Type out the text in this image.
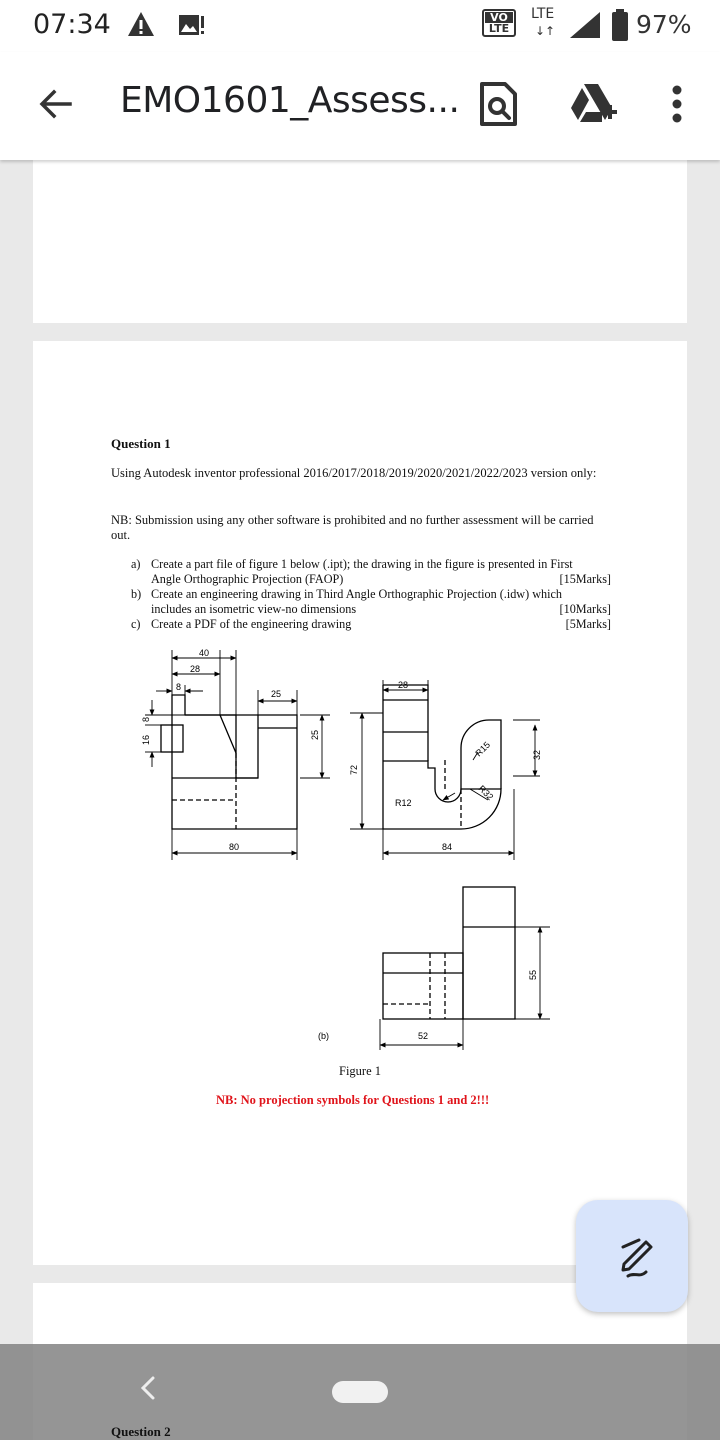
07:34	VO
LTE
LTE
↓↑	97%
EMO1601_Assess...
Question 1
Using Autodesk inventor professional 2016/2017/2018/2019/2020/2021/2022/2023 version only:
NB: Submission using any other software is prohibited and no further assessment will be carried out.
a) Create a part file of figure 1 below (.ipt); the drawing in the figure is presented in First
[15Marks]
Angle Orthographic Projection (FAOP)
b) Create an engineering drawing in Third Angle Orthographic Projection (.idw) which
[10Marks]
includes an isometric view-no dimensions
c)	[5Marks]
Create a PDF of the engineering drawing
40
28
8
25
16
8
25
80
72
28
R12
R15
R32
32
84
55
52
(b)
Figure 1
NB: No projection symbols for Questions 1 and 2!!!
Question 2
